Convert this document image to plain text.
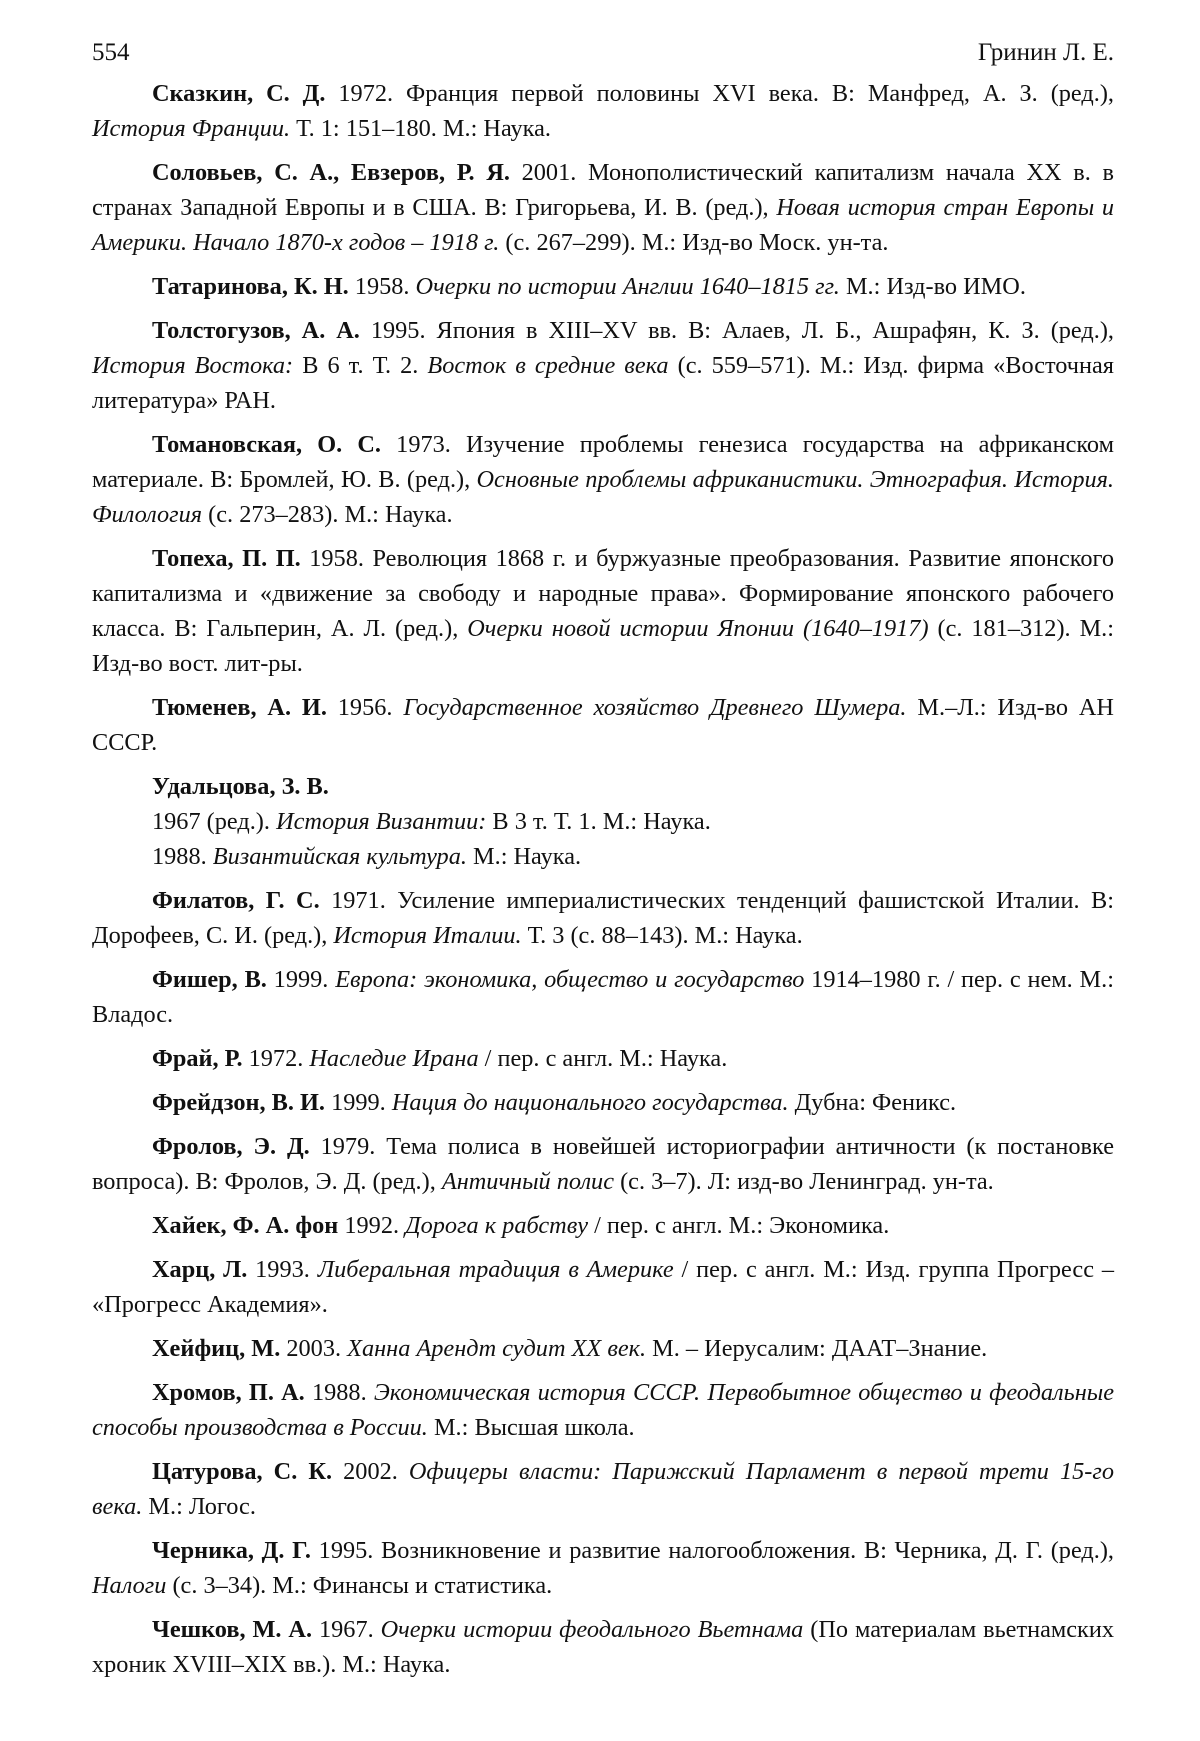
554	Гринин Л. Е.

Сказкин, С. Д. 1972. Франция первой половины XVI века. В: Манфред, А. З. (ред.), История Франции. Т. 1: 151–180. М.: Наука.

Соловьев, С. А., Евзеров, Р. Я. 2001. Монополистический капитализм начала XX в. в странах Западной Европы и в США. В: Григорьева, И. В. (ред.), Новая история стран Европы и Америки. Начало 1870-х годов – 1918 г. (с. 267–299). М.: Изд-во Моск. ун-та.

Татаринова, К. Н. 1958. Очерки по истории Англии 1640–1815 гг. М.: Изд-во ИМО.

Толстогузов, А. А. 1995. Япония в XIII–XV вв. В: Алаев, Л. Б., Ашрафян, К. З. (ред.), История Востока: В 6 т. Т. 2. Восток в средние века (с. 559–571). М.: Изд. фирма «Восточная литература» РАН.

Томановская, О. С. 1973. Изучение проблемы генезиса государства на африканском материале. В: Бромлей, Ю. В. (ред.), Основные проблемы африканистики. Этнография. История. Филология (с. 273–283). М.: Наука.

Топеха, П. П. 1958. Революция 1868 г. и буржуазные преобразования. Развитие японского капитализма и «движение за свободу и народные права». Формирование японского рабочего класса. В: Гальперин, А. Л. (ред.), Очерки новой истории Японии (1640–1917) (с. 181–312). М.: Изд-во вост. лит-ры.

Тюменев, А. И. 1956. Государственное хозяйство Древнего Шумера. М.–Л.: Изд-во АН СССР.

Удальцова, З. В.
1967 (ред.). История Византии: В 3 т. Т. 1. М.: Наука.
1988. Византийская культура. М.: Наука.

Филатов, Г. С. 1971. Усиление империалистических тенденций фашистской Италии. В: Дорофеев, С. И. (ред.), История Италии. Т. 3 (с. 88–143). М.: Наука.

Фишер, В. 1999. Европа: экономика, общество и государство 1914–1980 г. / пер. с нем. М.: Владос.

Фрай, Р. 1972. Наследие Ирана / пер. с англ. М.: Наука.

Фрейдзон, В. И. 1999. Нация до национального государства. Дубна: Феникс.

Фролов, Э. Д. 1979. Тема полиса в новейшей историографии античности (к постановке вопроса). В: Фролов, Э. Д. (ред.), Античный полис (с. 3–7). Л: изд-во Ленинград. ун-та.

Хайек, Ф. А. фон 1992. Дорога к рабству / пер. с англ. М.: Экономика.

Харц, Л. 1993. Либеральная традиция в Америке / пер. с англ. М.: Изд. группа Прогресс – «Прогресс Академия».

Хейфиц, М. 2003. Ханна Арендт судит XX век. М. – Иерусалим: ДААТ–Знание.

Хромов, П. А. 1988. Экономическая история СССР. Первобытное общество и феодальные способы производства в России. М.: Высшая школа.

Цатурова, С. К. 2002. Офицеры власти: Парижский Парламент в первой трети 15-го века. М.: Логос.

Черника, Д. Г. 1995. Возникновение и развитие налогообложения. В: Черника, Д. Г. (ред.), Налоги (с. 3–34). М.: Финансы и статистика.

Чешков, М. А. 1967. Очерки истории феодального Вьетнама (По материалам вьетнамских хроник XVIII–XIX вв.). М.: Наука.
